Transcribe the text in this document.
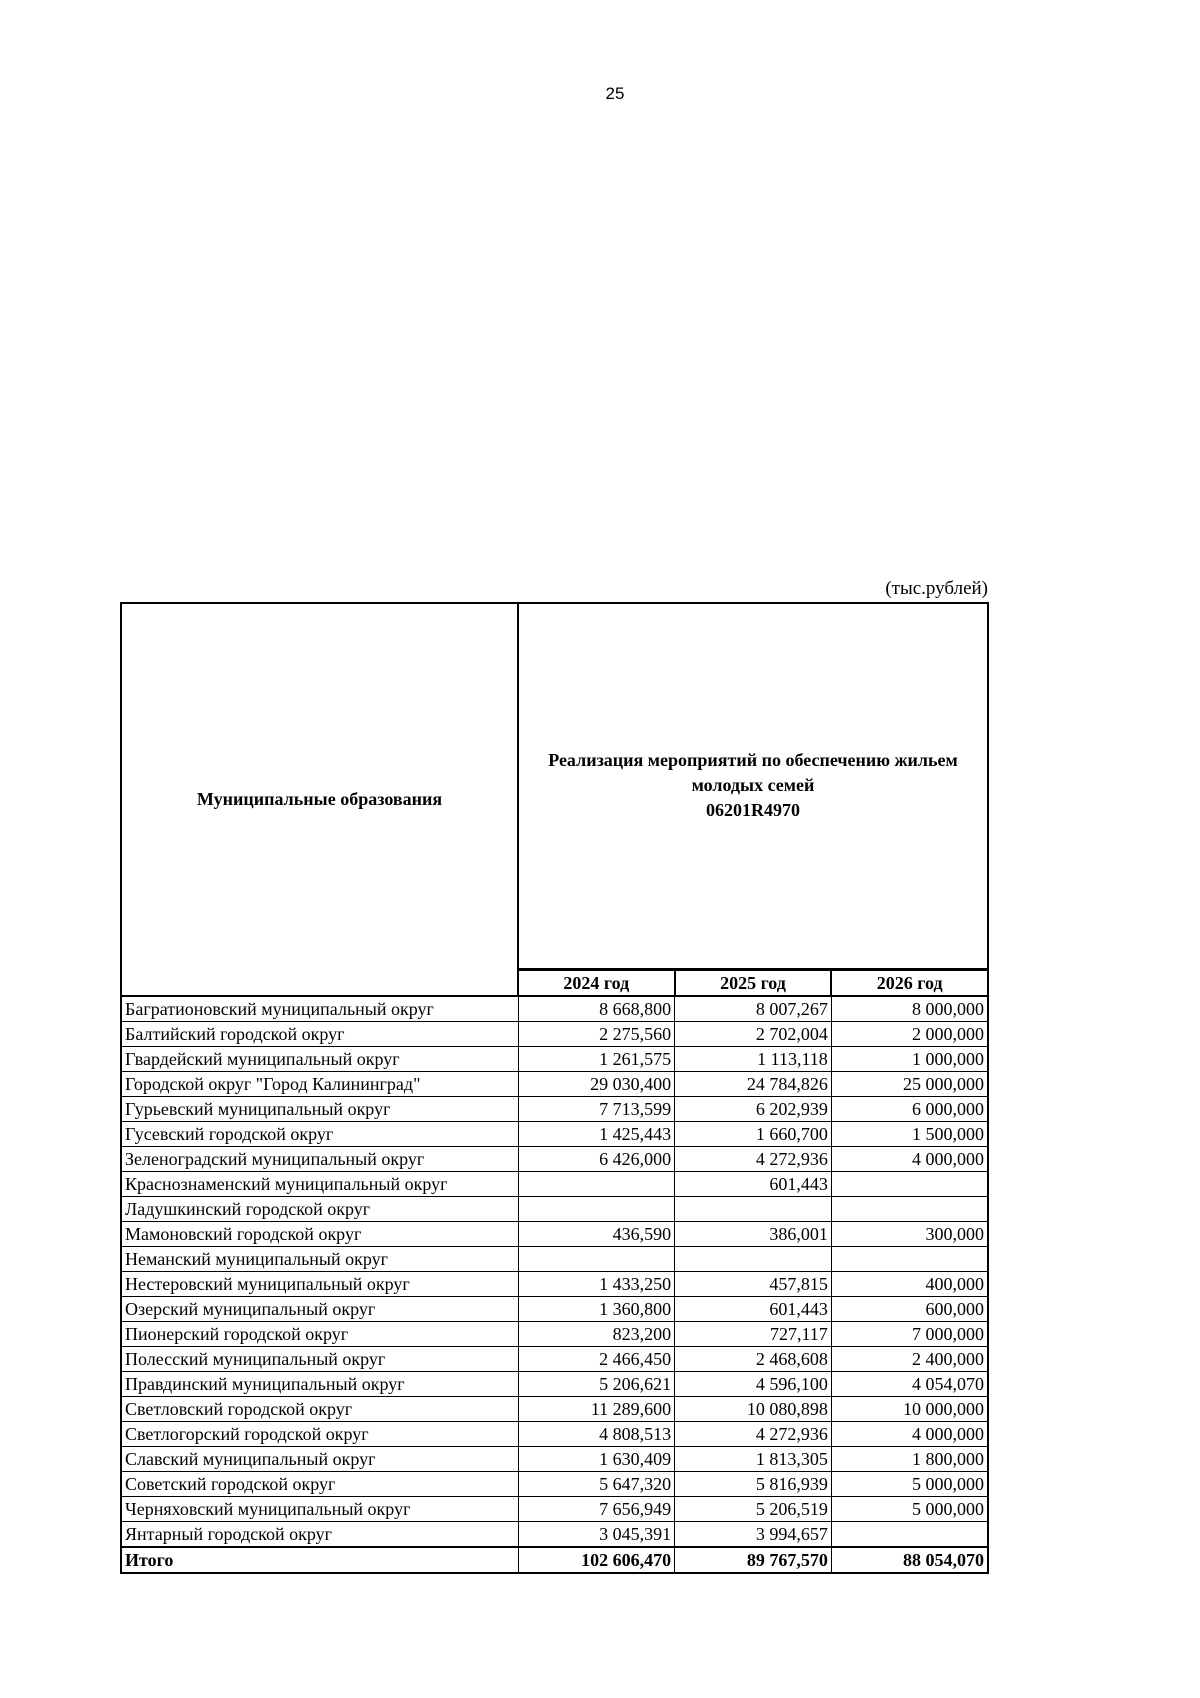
25
(тыс.рублей)
Муниципальные образования	Реализация мероприятий по обеспечению жильем
молодых семей
06201R4970		

	2024 год	2025 год	2026 год
Багратионовский муниципальный округ	8 668,800	8 007,267	8 000,000
Балтийский городской округ	2 275,560	2 702,004	2 000,000
Гвардейский муниципальный округ	1 261,575	1 113,118	1 000,000
Городской округ "Город Калининград"	29 030,400	24 784,826	25 000,000
Гурьевский муниципальный округ	7 713,599	6 202,939	6 000,000
Гусевский городской округ	1 425,443	1 660,700	1 500,000
Зеленоградский муниципальный округ	6 426,000	4 272,936	4 000,000
Краснознаменский муниципальный округ		601,443	
Ладушкинский городской округ			
Мамоновский городской округ	436,590	386,001	300,000
Неманский муниципальный округ			
Нестеровский муниципальный округ	1 433,250	457,815	400,000
Озерский муниципальный округ	1 360,800	601,443	600,000
Пионерский городской округ	823,200	727,117	7 000,000
Полесский муниципальный округ	2 466,450	2 468,608	2 400,000
Правдинский муниципальный округ	5 206,621	4 596,100	4 054,070
Светловский городской округ	11 289,600	10 080,898	10 000,000
Светлогорский городской округ	4 808,513	4 272,936	4 000,000
Славский муниципальный округ	1 630,409	1 813,305	1 800,000
Советский городской округ	5 647,320	5 816,939	5 000,000
Черняховский муниципальный округ	7 656,949	5 206,519	5 000,000
Янтарный городской округ	3 045,391	3 994,657	
Итого	102 606,470	89 767,570	88 054,070
